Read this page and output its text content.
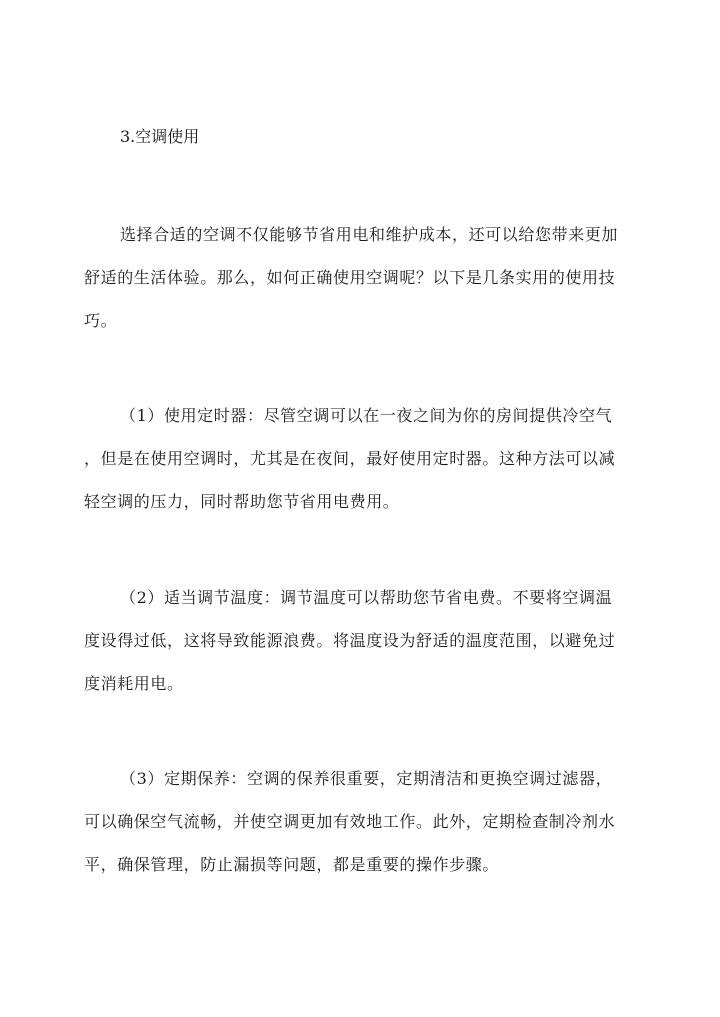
3.空调使用
选择合适的空调不仅能够节省用电和维护成本，还可以给您带来更加
舒适的生活体验。那么，如何正确使用空调呢？以下是几条实用的使用技
巧。
（1）使用定时器：尽管空调可以在一夜之间为你的房间提供冷空气
，但是在使用空调时，尤其是在夜间，最好使用定时器。这种方法可以减
轻空调的压力，同时帮助您节省用电费用。
（2）适当调节温度：调节温度可以帮助您节省电费。不要将空调温
度设得过低，这将导致能源浪费。将温度设为舒适的温度范围，以避免过
度消耗用电。
（3）定期保养：空调的保养很重要，定期清洁和更换空调过滤器，
可以确保空气流畅，并使空调更加有效地工作。此外，定期检查制冷剂水
平，确保管理，防止漏损等问题，都是重要的操作步骤。
